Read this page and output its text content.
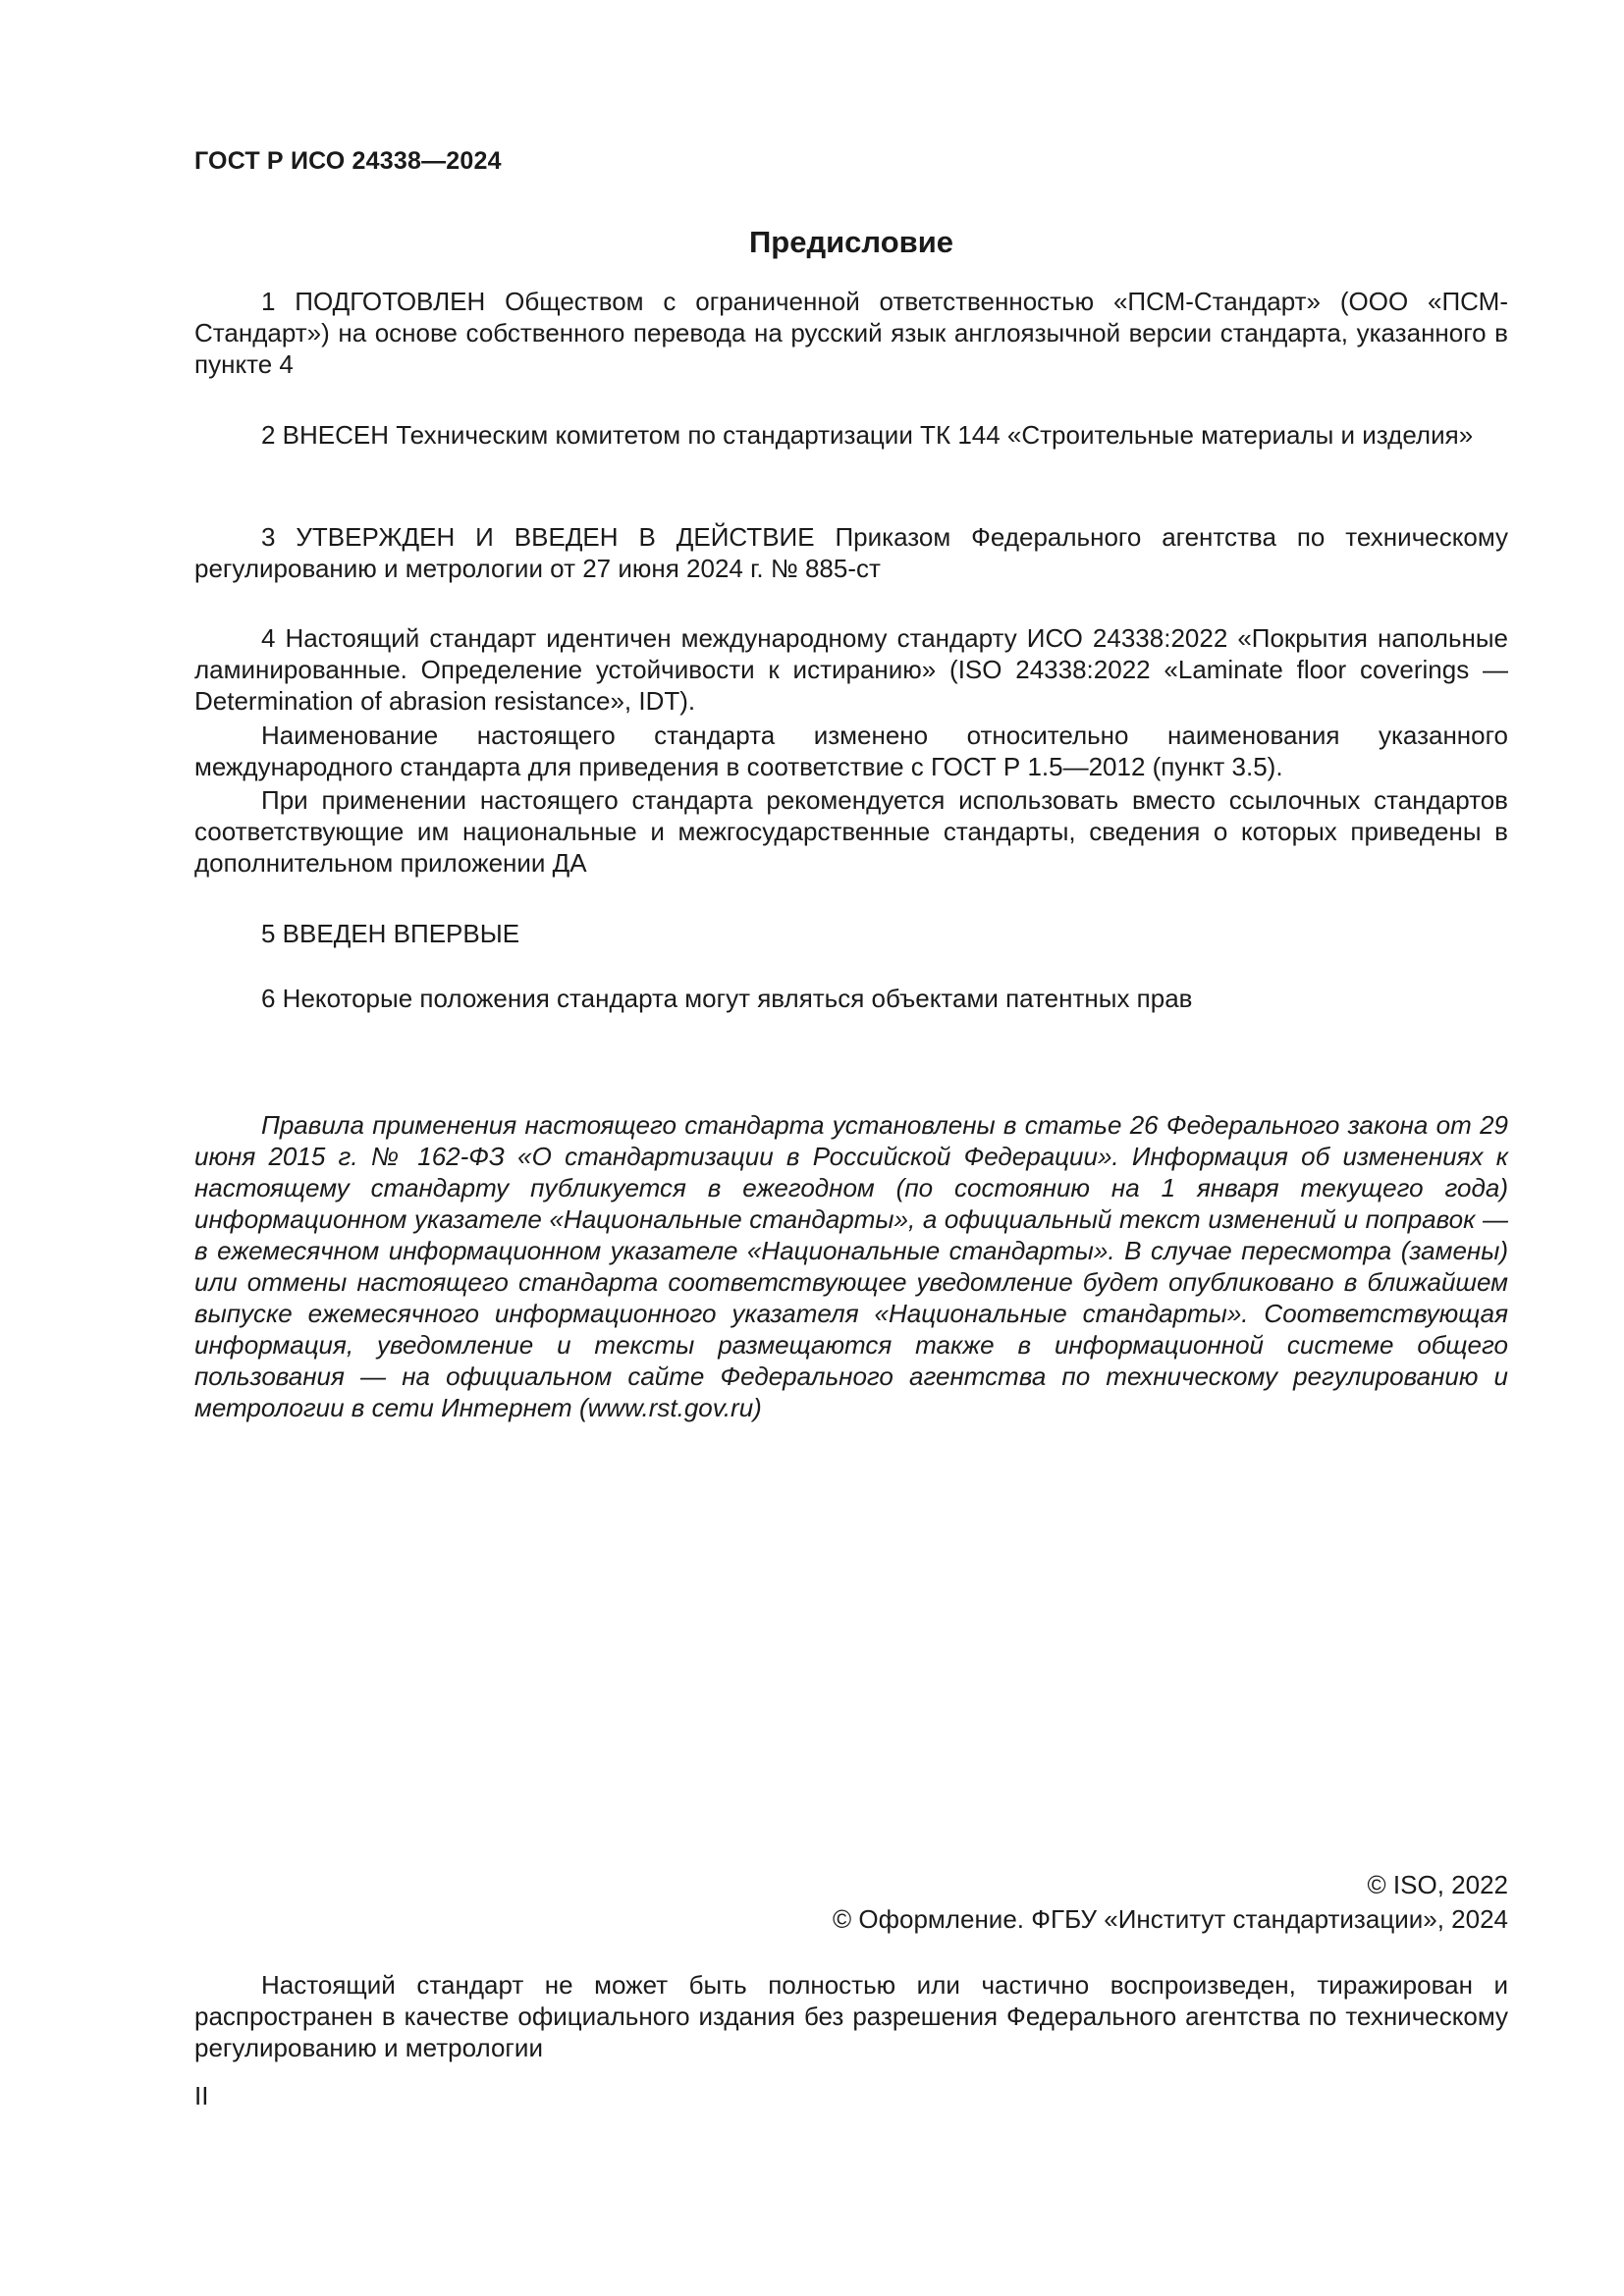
ГОСТ Р ИСО 24338—2024
Предисловие

1 ПОДГОТОВЛЕН Обществом с ограниченной ответственностью «ПСМ-Стандарт» (ООО «ПСМ-Стандарт») на основе собственного перевода на русский язык англоязычной версии стандарта, указанного в пункте 4

2 ВНЕСЕН Техническим комитетом по стандартизации ТК 144 «Строительные материалы и изделия»

3 УТВЕРЖДЕН И ВВЕДЕН В ДЕЙСТВИЕ Приказом Федерального агентства по техническому регулированию и метрологии от 27 июня 2024 г. № 885-ст

4 Настоящий стандарт идентичен международному стандарту ИСО 24338:2022 «Покрытия напольные ламинированные. Определение устойчивости к истиранию» (ISO 24338:2022 «Laminate floor coverings — Determination of abrasion resistance», IDT).

Наименование настоящего стандарта изменено относительно наименования указанного международного стандарта для приведения в соответствие с ГОСТ Р 1.5—2012 (пункт 3.5).

При применении настоящего стандарта рекомендуется использовать вместо ссылочных стандартов соответствующие им национальные и межгосударственные стандарты, сведения о которых приведены в дополнительном приложении ДА

5 ВВЕДЕН ВПЕРВЫЕ

6 Некоторые положения стандарта могут являться объектами патентных прав

Правила применения настоящего стандарта установлены в статье 26 Федерального закона от 29 июня 2015 г. № 162-ФЗ «О стандартизации в Российской Федерации». Информация об изменениях к настоящему стандарту публикуется в ежегодном (по состоянию на 1 января текущего года) информационном указателе «Национальные стандарты», а официальный текст изменений и поправок — в ежемесячном информационном указателе «Национальные стандарты». В случае пересмотра (замены) или отмены настоящего стандарта соответствующее уведомление будет опубликовано в ближайшем выпуске ежемесячного информационного указателя «Национальные стандарты». Соответствующая информация, уведомление и тексты размещаются также в информационной системе общего пользования — на официальном сайте Федерального агентства по техническому регулированию и метрологии в сети Интернет (www.rst.gov.ru)

© ISO, 2022
© Оформление. ФГБУ «Институт стандартизации», 2024

Настоящий стандарт не может быть полностью или частично воспроизведен, тиражирован и распространен в качестве официального издания без разрешения Федерального агентства по техническому регулированию и метрологии

II
